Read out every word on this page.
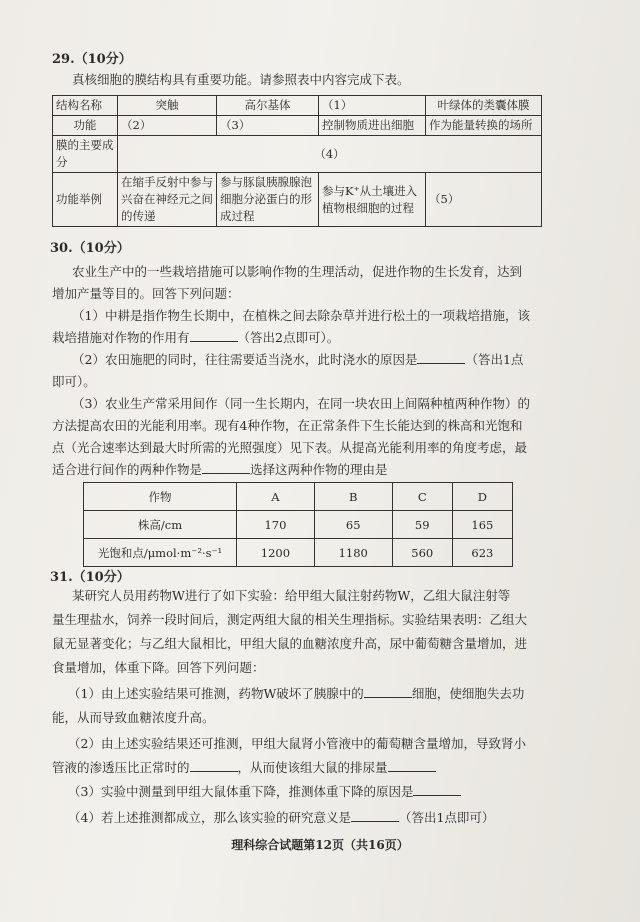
29.（10分）
真核细胞的膜结构具有重要功能。请参照表中内容完成下表。
结构名称	突触	高尔基体	（1）	叶绿体的类囊体膜
功能	（2）	（3）	控制物质进出细胞	作为能量转换的场所
膜的主要成分	（4）			
功能举例	在缩手反射中参与兴奋在神经元之间的传递	参与豚鼠胰腺腺泡细胞分泌蛋白的形成过程	参与K⁺从土壤进入植物根细胞的过程	（5）
30.（10分）
农业生产中的一些栽培措施可以影响作物的生理活动，促进作物的生长发育，达到
增加产量等目的。回答下列问题：
（1）中耕是指作物生长期中，在植株之间去除杂草并进行松土的一项栽培措施，该
栽培措施对作物的作用有	（答出2点即可）。
（2）农田施肥的同时，往往需要适当浇水，此时浇水的原因是	（答出1点
即可）。
（3）农业生产常采用间作（同一生长期内，在同一块农田上间隔种植两种作物）的
方法提高农田的光能利用率。现有4种作物，在正常条件下生长能达到的株高和光饱和
作物	A	B	C	D
株高/cm	170	65	59	165
光饱和点/μmol·m⁻²·s⁻¹	1200	1180	560	623
31.（10分）
某研究人员用药物W进行了如下实验：给甲组大鼠注射药物W，乙组大鼠注射等
量生理盐水，饲养一段时间后，测定两组大鼠的相关生理指标。实验结果表明：乙组大
鼠无显著变化；与乙组大鼠相比，甲组大鼠的血糖浓度升高，尿中葡萄糖含量增加，进
食量增加，体重下降。回答下列问题：
（1）由上述实验结果可推测，药物W破坏了胰腺中的	细胞，使细胞失去功
能，从而导致血糖浓度升高。
（2）由上述实验结果还可推测，甲组大鼠肾小管液中的葡萄糖含量增加，导致肾小
管液的渗透压比正常时的	，从而使该组大鼠的排尿量
理科综合试题第12页（共16页）
点（光合速率达到最大时所需的光照强度）见下表。从提高光能利用率的角度考虑，最
适合进行间作的两种作物是	选择这两种作物的理由是
（3）实验中测量到甲组大鼠体重下降，推测体重下降的原因是
（4）若上述推测都成立，那么该实验的研究意义是	（答出1点即可）
